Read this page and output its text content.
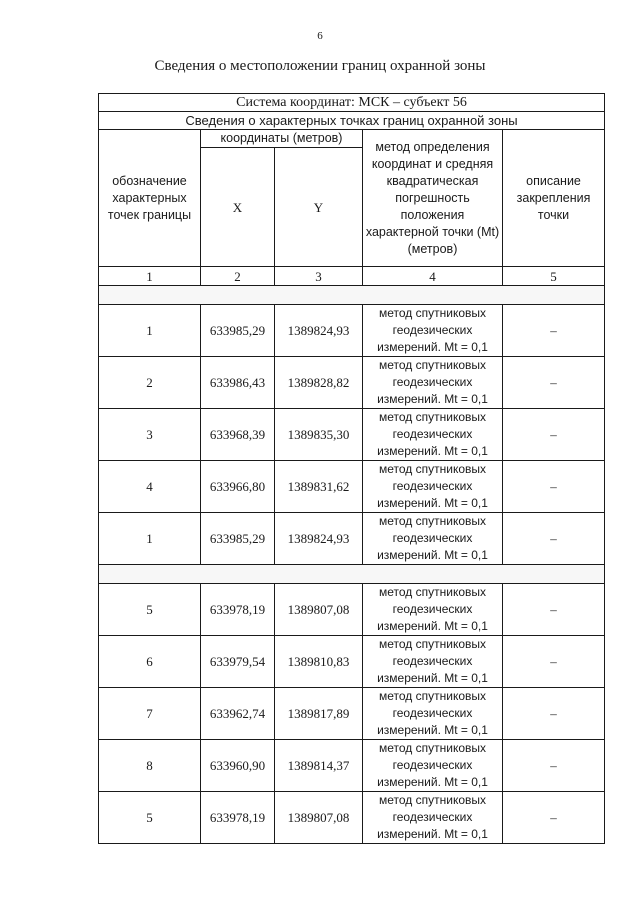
6
Сведения о местоположении границ охранной зоны
Система координат: МСК – субъект 56				
Сведения о характерных точках границ охранной зоны				
обозначение характерных точек границы	координаты (метров)		метод определения координат и средняя квадратическая погрешность положения характерной точки (Mt) (метров)	описание закрепления точки
	X	Y		
1	2	3	4	5

1	633985,29	1389824,93	метод спутниковых
геодезических
измерений. Mt = 0,1	–
2	633986,43	1389828,82	метод спутниковых
геодезических
измерений. Mt = 0,1	–
3	633968,39	1389835,30	метод спутниковых
геодезических
измерений. Mt = 0,1	–
4	633966,80	1389831,62	метод спутниковых
геодезических
измерений. Mt = 0,1	–
1	633985,29	1389824,93	метод спутниковых
геодезических
измерений. Mt = 0,1	–

5	633978,19	1389807,08	метод спутниковых
геодезических
измерений. Mt = 0,1	–
6	633979,54	1389810,83	метод спутниковых
геодезических
измерений. Mt = 0,1	–
7	633962,74	1389817,89	метод спутниковых
геодезических
измерений. Mt = 0,1	–
8	633960,90	1389814,37	метод спутниковых
геодезических
измерений. Mt = 0,1	–
5	633978,19	1389807,08	метод спутниковых
геодезических
измерений. Mt = 0,1	–
